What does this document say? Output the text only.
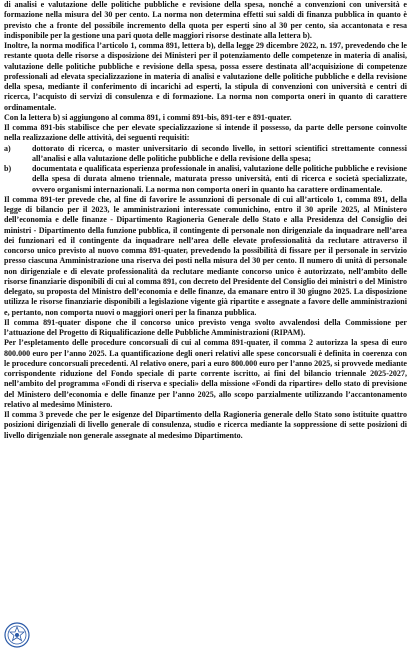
di analisi e valutazione delle politiche pubbliche e revisione della spesa, nonché a convenzioni con università e formazione nella misura del 30 per cento. La norma non determina effetti sui saldi di finanza pubblica in quanto è previsto che a fronte del possibile incremento della quota per esperti sino al 30 per cento, sia accantonata e resa indisponibile per la gestione una pari quota delle maggiori risorse destinate alla lettera b).

Inoltre, la norma modifica l’articolo 1, comma 891, lettera b), della legge 29 dicembre 2022, n. 197, prevedendo che le restante quota delle risorse a disposizione dei Ministeri per il potenziamento delle competenze in materia di analisi, valutazione delle politiche pubbliche e revisione della spesa, possa essere destinata all’acquisizione di competenze professionali ad elevata specializzazione in materia di analisi e valutazione delle politiche pubbliche e della revisione della spesa, mediante il conferimento di incarichi ad esperti, la stipula di convenzioni con università e centri di ricerca, l’acquisto di servizi di consulenza e di formazione. La norma non comporta oneri in quanto di carattere ordinamentale.

Con la lettera b) si aggiungono al comma 891, i commi 891-bis, 891-ter e 891-quater.

Il comma 891-bis stabilisce che per elevate specializzazione si intende il possesso, da parte delle persone coinvolte nella realizzazione delle attività, dei seguenti requisiti:

a)	dottorato di ricerca, o master universitario di secondo livello, in settori scientifici strettamente connessi all’analisi e alla valutazione delle politiche pubbliche e della revisione della spesa;
b)	documentata e qualificata esperienza professionale in analisi, valutazione delle politiche pubbliche e revisione della spesa di durata almeno triennale, maturata presso università, enti di ricerca e società specializzate, ovvero organismi internazionali. La norma non comporta oneri in quanto ha carattere ordinamentale.

Il comma 891-ter prevede che, al fine di favorire le assunzioni di personale di cui all’articolo 1, comma 891, della legge di bilancio per il 2023, le amministrazioni interessate comunichino, entro il 30 aprile 2025, al Ministero dell’economia e delle finanze - Dipartimento Ragioneria Generale dello Stato e alla Presidenza del Consiglio dei ministri - Dipartimento della funzione pubblica, il contingente di personale non dirigenziale da inquadrare nell’area dei funzionari ed il contingente da inquadrare nell’area delle elevate professionalità da reclutare attraverso il concorso unico previsto al nuovo comma 891-quater, prevedendo la possibilità di fissare per il personale in servizio presso ciascuna Amministrazione una riserva dei posti nella misura del 30 per cento. Il numero di unità di personale non dirigenziale e di elevate professionalità da reclutare mediante concorso unico è autorizzato, nell’ambito delle risorse finanziarie disponibili di cui al comma 891, con decreto del Presidente del Consiglio dei ministri o del Ministro delegato, su proposta del Ministro dell’economia e delle finanze, da emanare entro il 30 giugno 2025. La disposizione utilizza le risorse finanziarie disponibili a legislazione vigente già ripartite e assegnate a favore delle amministrazioni e, pertanto, non comporta nuovi o maggiori oneri per la finanza pubblica.

Il comma 891-quater dispone che il concorso unico previsto venga svolto avvalendosi della Commissione per l’attuazione del Progetto di Riqualificazione delle Pubbliche Amministrazioni (RIPAM).

Per l’espletamento delle procedure concorsuali di cui al comma 891-quater, il comma 2 autorizza la spesa di euro 800.000 euro per l’anno 2025. La quantificazione degli oneri relativi alle spese concorsuali è definita in coerenza con le procedure concorsuali precedenti. Al relativo onere, pari a euro 800.000 euro per l’anno 2025, si provvede mediante corrispondente riduzione del Fondo speciale di parte corrente iscritto, ai fini del bilancio triennale 2025-2027, nell’ambito del programma «Fondi di riserva e speciali» della missione «Fondi da ripartire» dello stato di previsione del Ministero dell’economia e delle finanze per l’anno 2025, allo scopo parzialmente utilizzando l’accantonamento relativo al medesimo Ministero.

Il comma 3 prevede che per le esigenze del Dipartimento della Ragioneria generale dello Stato sono istituite quattro posizioni dirigenziali di livello generale di consulenza, studio e ricerca mediante la soppressione di sette posizioni di livello dirigenziale non generale assegnate al medesimo Dipartimento.
